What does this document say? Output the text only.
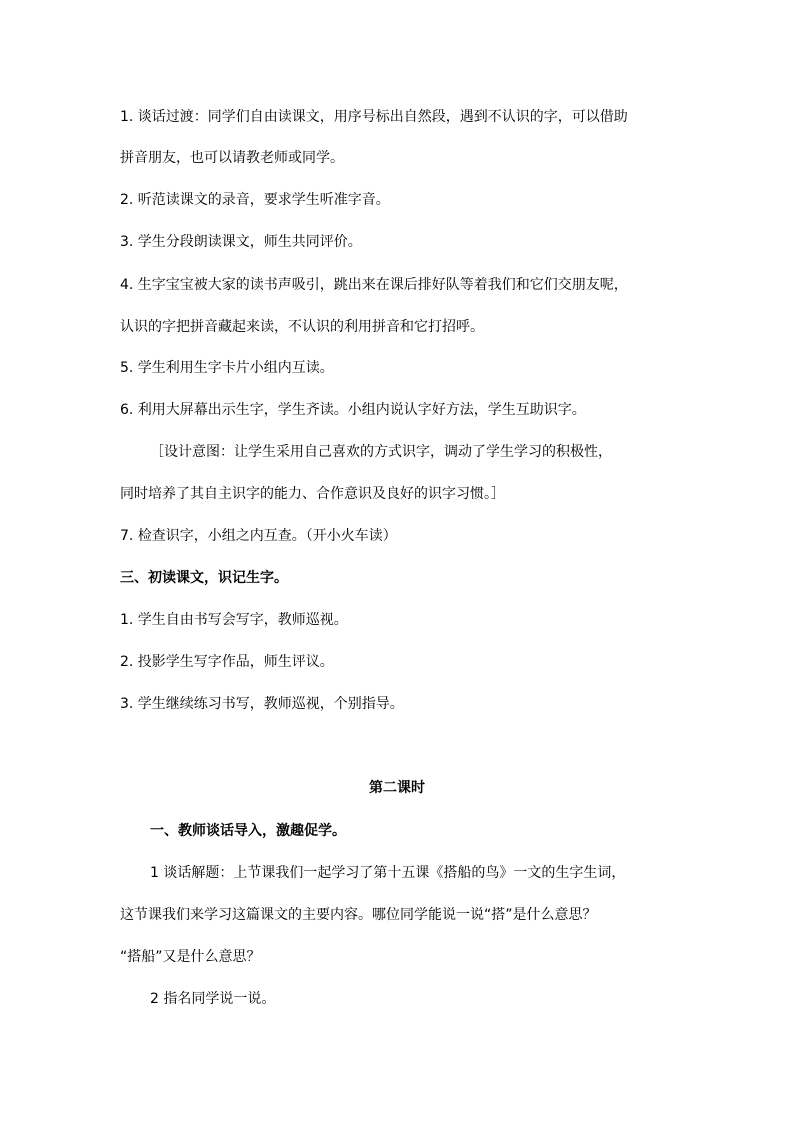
1. 谈话过渡：同学们自由读课文，用序号标出自然段，遇到不认识的字，可以借助
拼音朋友，也可以请教老师或同学。
2. 听范读课文的录音，要求学生听准字音。
3. 学生分段朗读课文，师生共同评价。
4. 生字宝宝被大家的读书声吸引，跳出来在课后排好队等着我们和它们交朋友呢，
认识的字把拼音藏起来读，不认识的利用拼音和它打招呼。
5. 学生利用生字卡片小组内互读。
6. 利用大屏幕出示生字，学生齐读。小组内说认字好方法，学生互助识字。
［设计意图：让学生采用自己喜欢的方式识字，调动了学生学习的积极性，
同时培养了其自主识字的能力、合作意识及良好的识字习惯。］
7. 检查识字，小组之内互查。（开小火车读）
三、初读课文，识记生字。
1. 学生自由书写会写字，教师巡视。
2. 投影学生写字作品，师生评议。
3. 学生继续练习书写，教师巡视，个别指导。
第二课时
一、教师谈话导入，激趣促学。
1 谈话解题：上节课我们一起学习了第十五课《搭船的鸟》一文的生字生词，
这节课我们来学习这篇课文的主要内容。哪位同学能说一说“搭”是什么意思？
“搭船”又是什么意思？
2 指名同学说一说。
